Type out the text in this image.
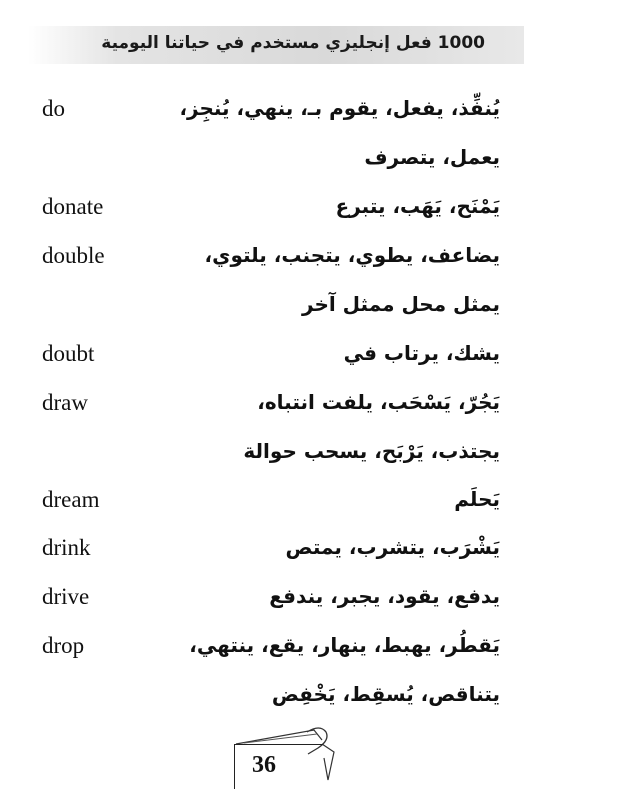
1000 فعل إنجليزي مستخدم في حياتنا اليومية
do	يُنفِّذ، يفعل، يقوم بـ، ينهي، يُنجِز،
يعمل، يتصرف
donate	يَمْنَح، يَهَب، يتبرع
double	يضاعف، يطوي، يتجنب، يلتوي،
يمثل محل ممثل آخر
doubt	يشك، يرتاب في
draw	يَجُرّ، يَسْحَب، يلفت انتباه،
يجتذب، يَرْبَح، يسحب حوالة
dream	يَحلَم
drink	يَشْرَب، يتشرب، يمتص
drive	يدفع، يقود، يجبر، يندفع
drop	يَقطُر، يهبط، ينهار، يقع، ينتهي،
يتناقص، يُسقِط، يَخْفِض
36
